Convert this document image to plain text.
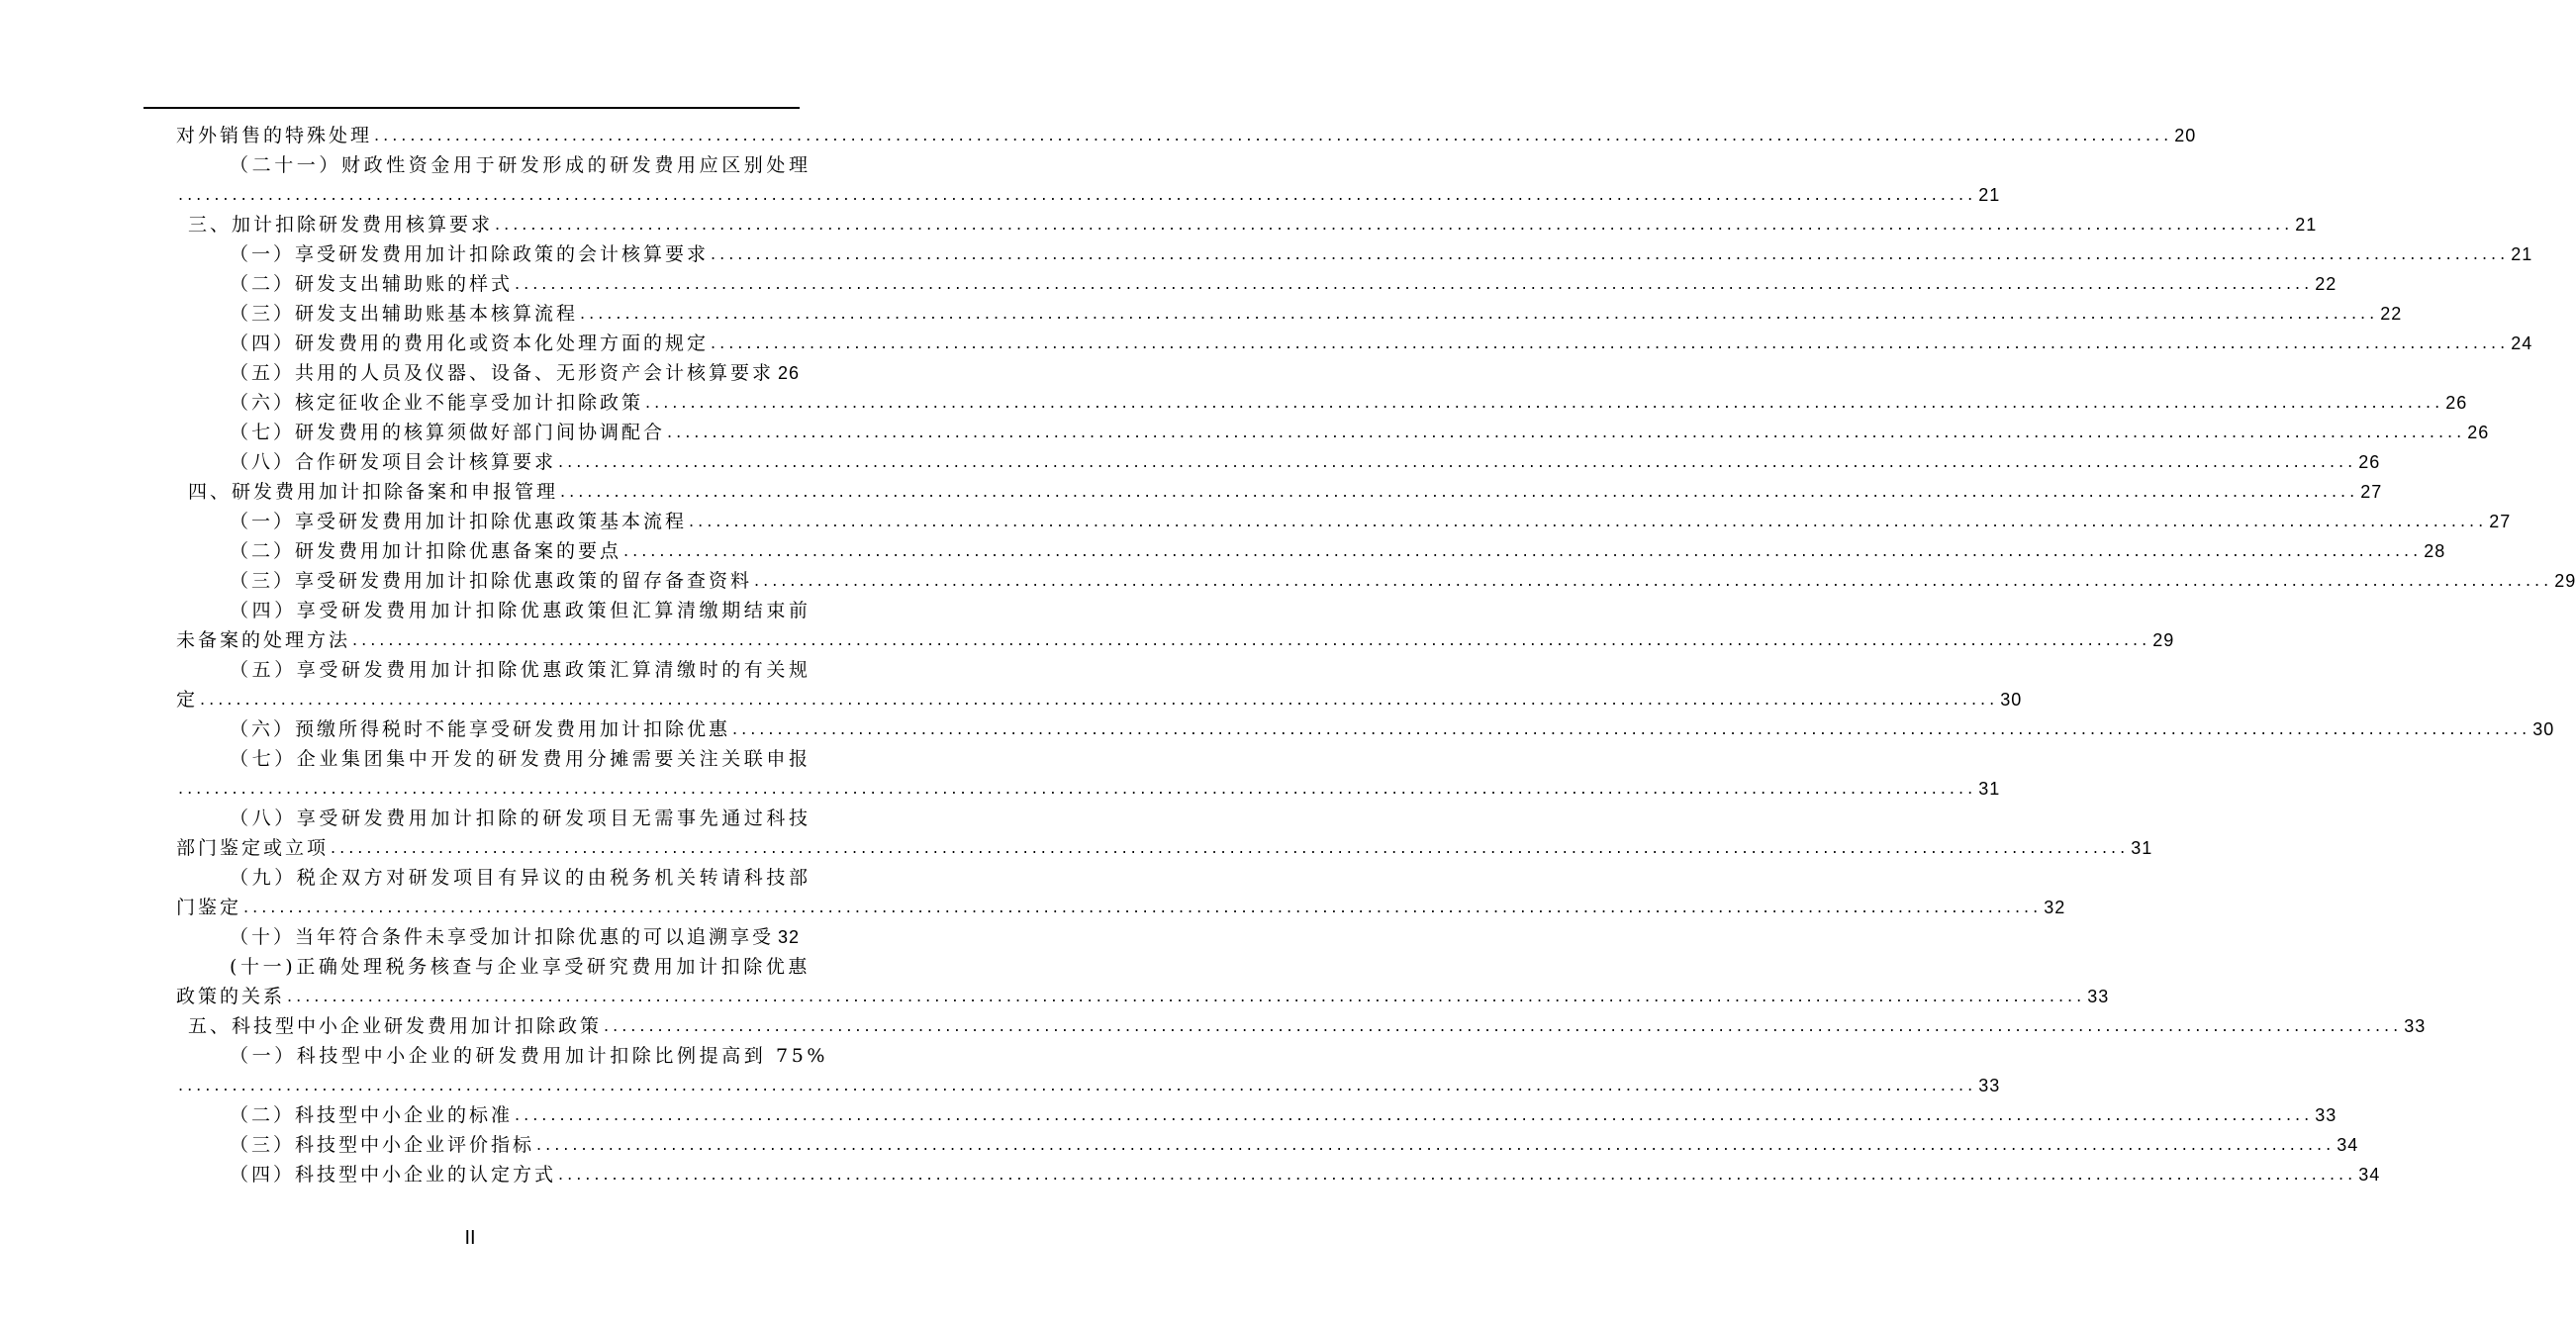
对外销售的特殊处理 ........................................................................................................................................................................................................ 20
（二十一）财政性资金用于研发形成的研发费用应区别处理
........................................................................................................................................................................................................ 21
三、加计扣除研发费用核算要求 ........................................................................................................................................................................................................ 21
（一）享受研发费用加计扣除政策的会计核算要求 ........................................................................................................................................................................................................ 21
（二）研发支出辅助账的样式 ........................................................................................................................................................................................................ 22
（三）研发支出辅助账基本核算流程 ........................................................................................................................................................................................................ 22
（四）研发费用的费用化或资本化处理方面的规定 ........................................................................................................................................................................................................ 24
（五）共用的人员及仪器、设备、无形资产会计核算要求 26
（六）核定征收企业不能享受加计扣除政策 ........................................................................................................................................................................................................ 26
（七）研发费用的核算须做好部门间协调配合 ........................................................................................................................................................................................................ 26
（八）合作研发项目会计核算要求 ........................................................................................................................................................................................................ 26
四、研发费用加计扣除备案和申报管理 ........................................................................................................................................................................................................ 27
（一）享受研发费用加计扣除优惠政策基本流程 ........................................................................................................................................................................................................ 27
（二）研发费用加计扣除优惠备案的要点 ........................................................................................................................................................................................................ 28
（三）享受研发费用加计扣除优惠政策的留存备查资料 ........................................................................................................................................................................................................ 29
（四）享受研发费用加计扣除优惠政策但汇算清缴期结束前
未备案的处理方法 ........................................................................................................................................................................................................ 29
（五）享受研发费用加计扣除优惠政策汇算清缴时的有关规
定 ........................................................................................................................................................................................................ 30
（六）预缴所得税时不能享受研发费用加计扣除优惠 ........................................................................................................................................................................................................ 30
（七）企业集团集中开发的研发费用分摊需要关注关联申报
........................................................................................................................................................................................................ 31
（八）享受研发费用加计扣除的研发项目无需事先通过科技
部门鉴定或立项 ........................................................................................................................................................................................................ 31
（九）税企双方对研发项目有异议的由税务机关转请科技部
门鉴定 ........................................................................................................................................................................................................ 32
（十）当年符合条件未享受加计扣除优惠的可以追溯享受 32
(十一)正确处理税务核查与企业享受研究费用加计扣除优惠
政策的关系 ........................................................................................................................................................................................................ 33
五、科技型中小企业研发费用加计扣除政策 ........................................................................................................................................................................................................ 33
（一）科技型中小企业的研发费用加计扣除比例提高到 75%
........................................................................................................................................................................................................ 33
（二）科技型中小企业的标准 ........................................................................................................................................................................................................ 33
（三）科技型中小企业评价指标 ........................................................................................................................................................................................................ 34
（四）科技型中小企业的认定方式 ........................................................................................................................................................................................................ 34
II
